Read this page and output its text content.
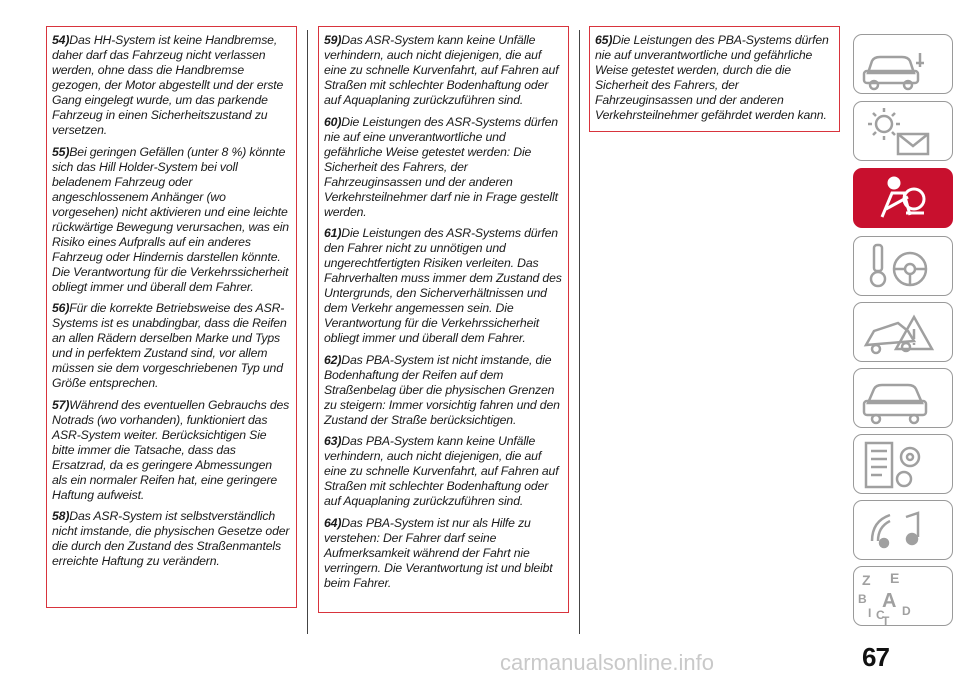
54)Das HH-System ist keine Handbremse, daher darf das Fahrzeug nicht verlassen werden, ohne dass die Handbremse gezogen, der Motor abgestellt und der erste Gang eingelegt wurde, um das parkende Fahrzeug in einen Sicherheitszustand zu versetzen.

55)Bei geringen Gefällen (unter 8 %) könnte sich das Hill Holder-System bei voll beladenem Fahrzeug oder angeschlossenem Anhänger (wo vorgesehen) nicht aktivieren und eine leichte rückwärtige Bewegung verursachen, was ein Risiko eines Aufpralls auf ein anderes Fahrzeug oder Hindernis darstellen könnte. Die Verantwortung für die Verkehrssicherheit obliegt immer und überall dem Fahrer.

56)Für die korrekte Betriebsweise des ASR-Systems ist es unabdingbar, dass die Reifen an allen Rädern derselben Marke und Typs und in perfektem Zustand sind, vor allem müssen sie dem vorgeschriebenen Typ und Größe entsprechen.

57)Während des eventuellen Gebrauchs des Notrads (wo vorhanden), funktioniert das ASR-System weiter. Berücksichtigen Sie bitte immer die Tatsache, dass das Ersatzrad, da es geringere Abmessungen als ein normaler Reifen hat, eine geringere Haftung aufweist.

58)Das ASR-System ist selbstverständlich nicht imstande, die physischen Gesetze oder die durch den Zustand des Straßenmantels erreichte Haftung zu verändern.

59)Das ASR-System kann keine Unfälle verhindern, auch nicht diejenigen, die auf eine zu schnelle Kurvenfahrt, auf Fahren auf Straßen mit schlechter Bodenhaftung oder auf Aquaplaning zurückzuführen sind.

60)Die Leistungen des ASR-Systems dürfen nie auf eine unverantwortliche und gefährliche Weise getestet werden: Die Sicherheit des Fahrers, der Fahrzeuginsassen und der anderen Verkehrsteilnehmer darf nie in Frage gestellt werden.

61)Die Leistungen des ASR-Systems dürfen den Fahrer nicht zu unnötigen und ungerechtfertigten Risiken verleiten. Das Fahrverhalten muss immer dem Zustand des Untergrunds, den Sicherverhältnissen und dem Verkehr angemessen sein. Die Verantwortung für die Verkehrssicherheit obliegt immer und überall dem Fahrer.

62)Das PBA-System ist nicht imstande, die Bodenhaftung der Reifen auf dem Straßenbelag über die physischen Grenzen zu steigern: Immer vorsichtig fahren und den Zustand der Straße berücksichtigen.

63)Das PBA-System kann keine Unfälle verhindern, auch nicht diejenigen, die auf eine zu schnelle Kurvenfahrt, auf Fahren auf Straßen mit schlechter Bodenhaftung oder auf Aquaplaning zurückzuführen sind.

64)Das PBA-System ist nur als Hilfe zu verstehen: Der Fahrer darf seine Aufmerksamkeit während der Fahrt nie verringern. Die Verantwortung ist und bleibt beim Fahrer.

65)Die Leistungen des PBA-Systems dürfen nie auf unverantwortliche und gefährliche Weise getestet werden, durch die die Sicherheit des Fahrers, der Fahrzeuginsassen und der anderen Verkehrsteilnehmer gefährdet werden kann.

Z E
B A
I C
T
D
67
carmanualsonline.info
